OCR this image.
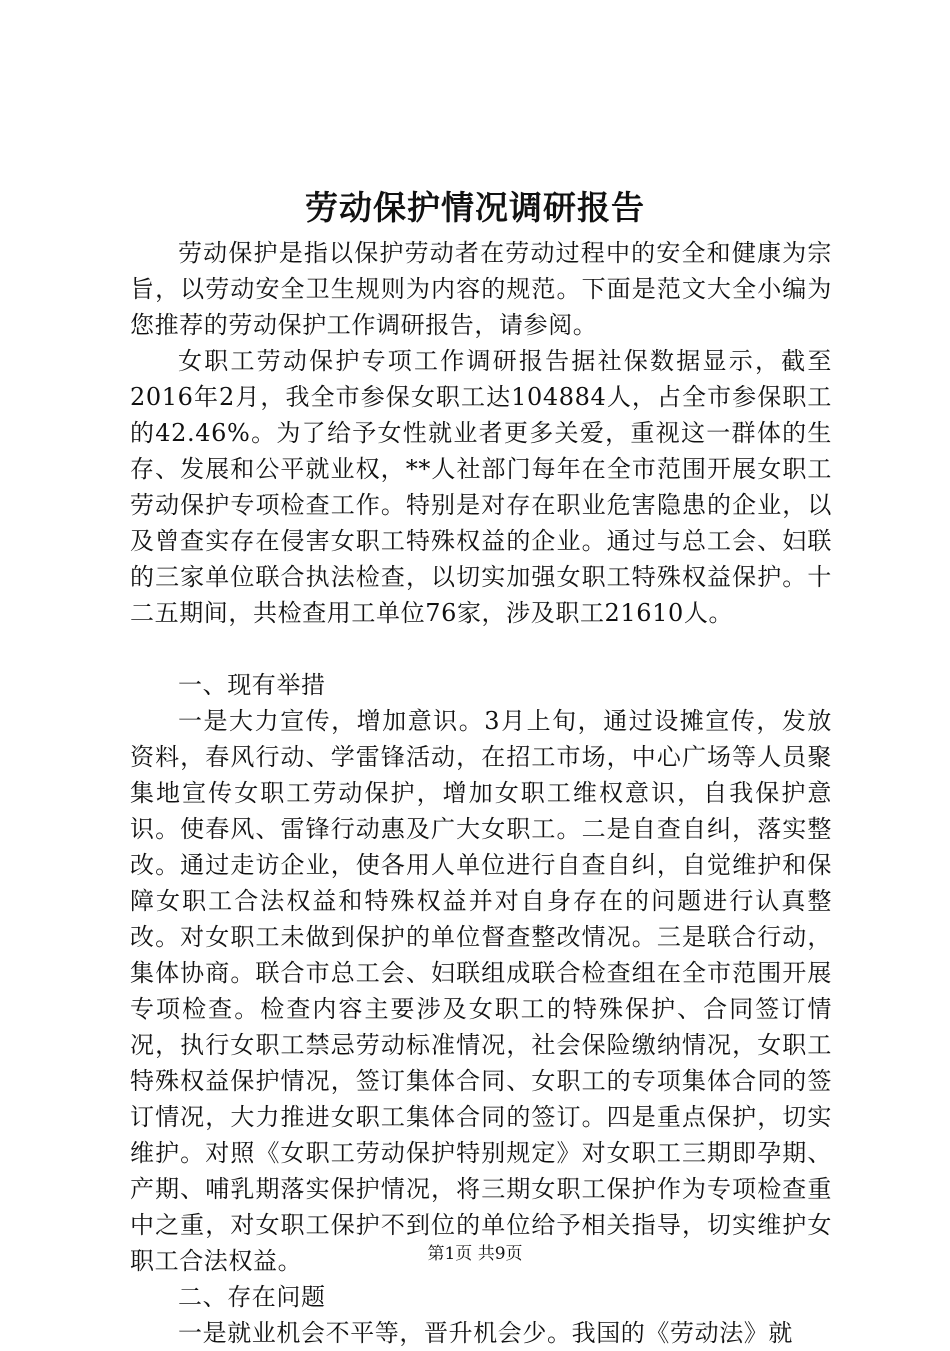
劳动保护情况调研报告

劳动保护是指以保护劳动者在劳动过程中的安全和健康为宗旨，以劳动安全卫生规则为内容的规范。下面是范文大全小编为您推荐的劳动保护工作调研报告，请参阅。

女职工劳动保护专项工作调研报告据社保数据显示，截至2016年2月，我全市参保女职工达104884人，占全市参保职工的42.46%。为了给予女性就业者更多关爱，重视这一群体的生存、发展和公平就业权，**人社部门每年在全市范围开展女职工劳动保护专项检查工作。特别是对存在职业危害隐患的企业，以及曾查实存在侵害女职工特殊权益的企业。通过与总工会、妇联的三家单位联合执法检查，以切实加强女职工特殊权益保护。十二五期间，共检查用工单位76家，涉及职工21610人。

一、现有举措

一是大力宣传，增加意识。3月上旬，通过设摊宣传，发放资料，春风行动、学雷锋活动，在招工市场，中心广场等人员聚集地宣传女职工劳动保护，增加女职工维权意识，自我保护意识。使春风、雷锋行动惠及广大女职工。二是自查自纠，落实整改。通过走访企业，使各用人单位进行自查自纠，自觉维护和保障女职工合法权益和特殊权益并对自身存在的问题进行认真整改。对女职工未做到保护的单位督查整改情况。三是联合行动，集体协商。联合市总工会、妇联组成联合检查组在全市范围开展专项检查。检查内容主要涉及女职工的特殊保护、合同签订情况，执行女职工禁忌劳动标准情况，社会保险缴纳情况，女职工特殊权益保护情况，签订集体合同、女职工的专项集体合同的签订情况，大力推进女职工集体合同的签订。四是重点保护，切实维护。对照《女职工劳动保护特别规定》对女职工三期即孕期、产期、哺乳期落实保护情况，将三期女职工保护作为专项检查重中之重，对女职工保护不到位的单位给予相关指导，切实维护女职工合法权益。

二、存在问题

一是就业机会不平等，晋升机会少。我国的《劳动法》就

第1页 共9页
